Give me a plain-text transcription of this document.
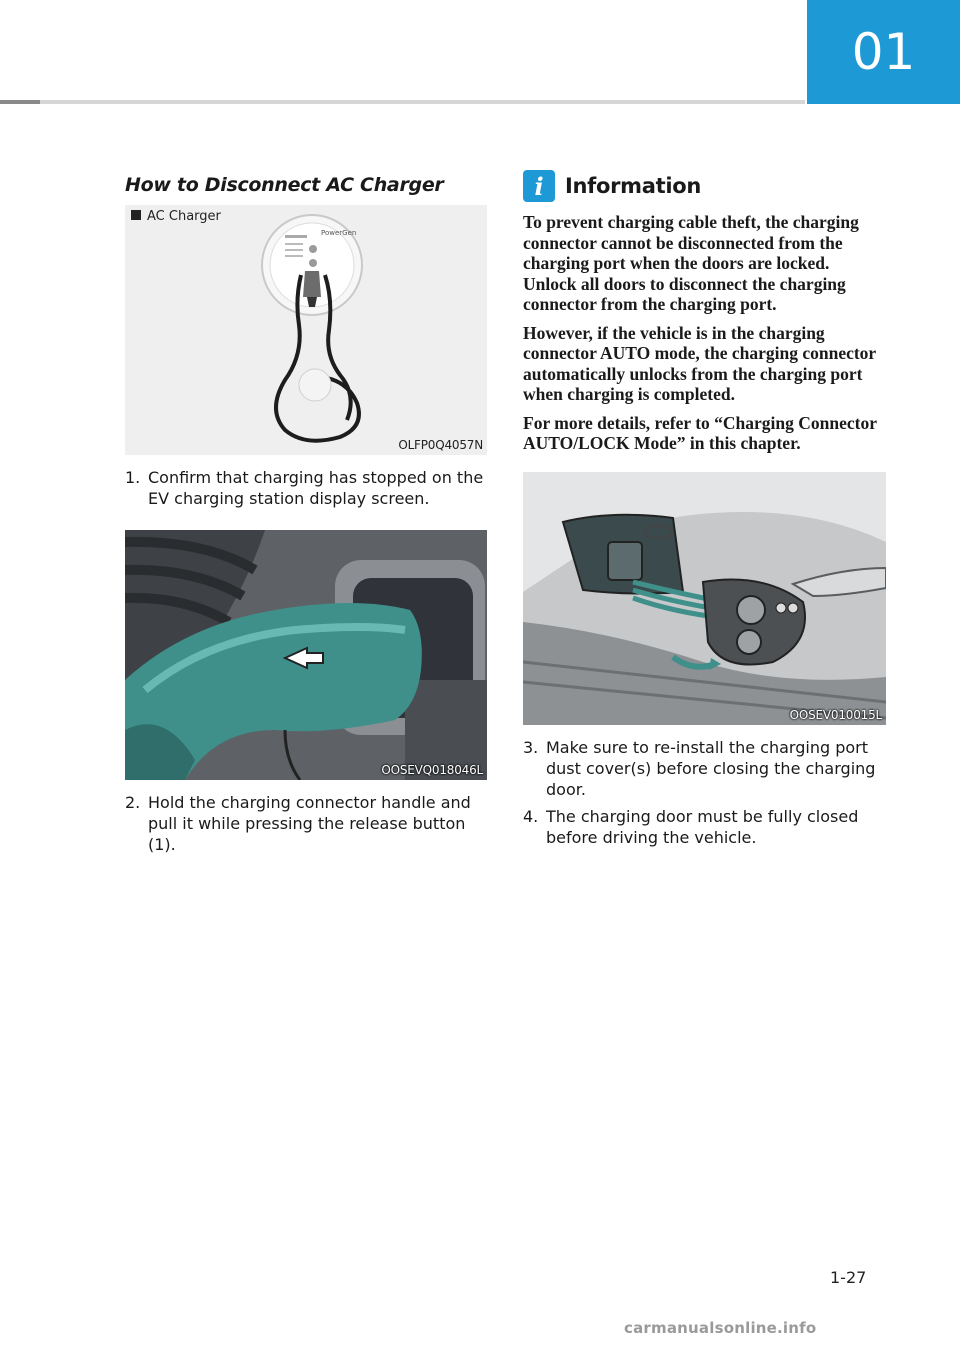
01
How to Disconnect AC Charger
PowerGen
AC Charger
OLFP0Q4057N
1. Confirm that charging has stopped on the EV charging station display screen.
OOSEVQ018046L
2. Hold the charging connector handle and pull it while pressing the release button (1).
i	Information

To prevent charging cable theft, the charging connector cannot be disconnected from the charging port when the doors are locked. Unlock all doors to disconnect the charging connector from the charging port.

However, if the vehicle is in the charging connector AUTO mode, the charging connector automatically unlocks from the charging port when charging is completed.

For more details, refer to “Charging Connector AUTO/LOCK Mode” in this chapter.

OOSEV010015L
3. Make sure to re-install the charging port dust cover(s) before closing the charging door.
4. The charging door must be fully closed before driving the vehicle.
1-27
carmanualsonline.info
